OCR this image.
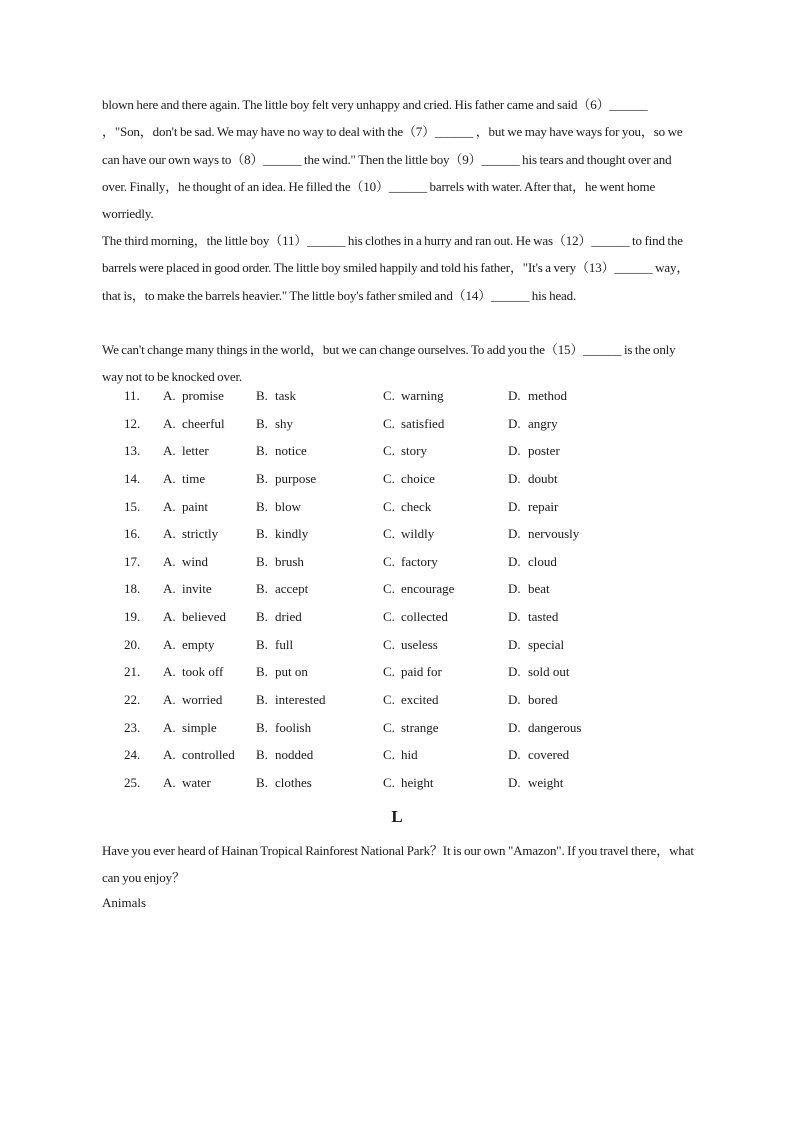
blown here and there again. The little boy felt very unhappy and cried. His father came and said（6）______ ，"Son，don't be sad. We may have no way to deal with the（7）______ ，but we may have ways for you，so we can have our own ways to（8）______ the wind." Then the little boy（9）______ his tears and thought over and over. Finally，he thought of an idea. He filled the（10）______ barrels with water. After that，he went home worriedly.

The third morning，the little boy（11）______ his clothes in a hurry and ran out. He was（12）______ to find the barrels were placed in good order. The little boy smiled happily and told his father，"It's a very（13）______ way，that is，to make the barrels heavier." The little boy's father smiled and（14）______ his head.

We can't change many things in the world，but we can change ourselves. To add you the（15）______ is the only way not to be knocked over.

11. A. promise B. task	C. warning	D. method
12. A. cheerful B. shy	C. satisfied	D. angry
13. A. letter	B. notice	C. story	D. poster
14. A. time	B. purpose	C. choice	D. doubt
15. A. paint	B. blow	C. check	D. repair
16. A. strictly	B. kindly	C. wildly	D. nervously
17. A. wind	B. brush	C. factory	D. cloud
18. A. invite	B. accept	C. encourage	D. beat
19. A. believed B. dried	C. collected	D. tasted
20. A. empty	B. full	C. useless	D. special
21. A. took off	B. put on	C. paid for	D. sold out
22. A. worried	B. interested	C. excited	D. bored
23. A. simple	B. foolish	C. strange	D. dangerous
24. A. controlled B. nodded	C. hid	D. covered
25. A. water	B. clothes	C. height	D. weight
L

Have you ever heard of Hainan Tropical Rainforest National Park？It is our own "Amazon". If you travel there，what can you enjoy？

Animals
